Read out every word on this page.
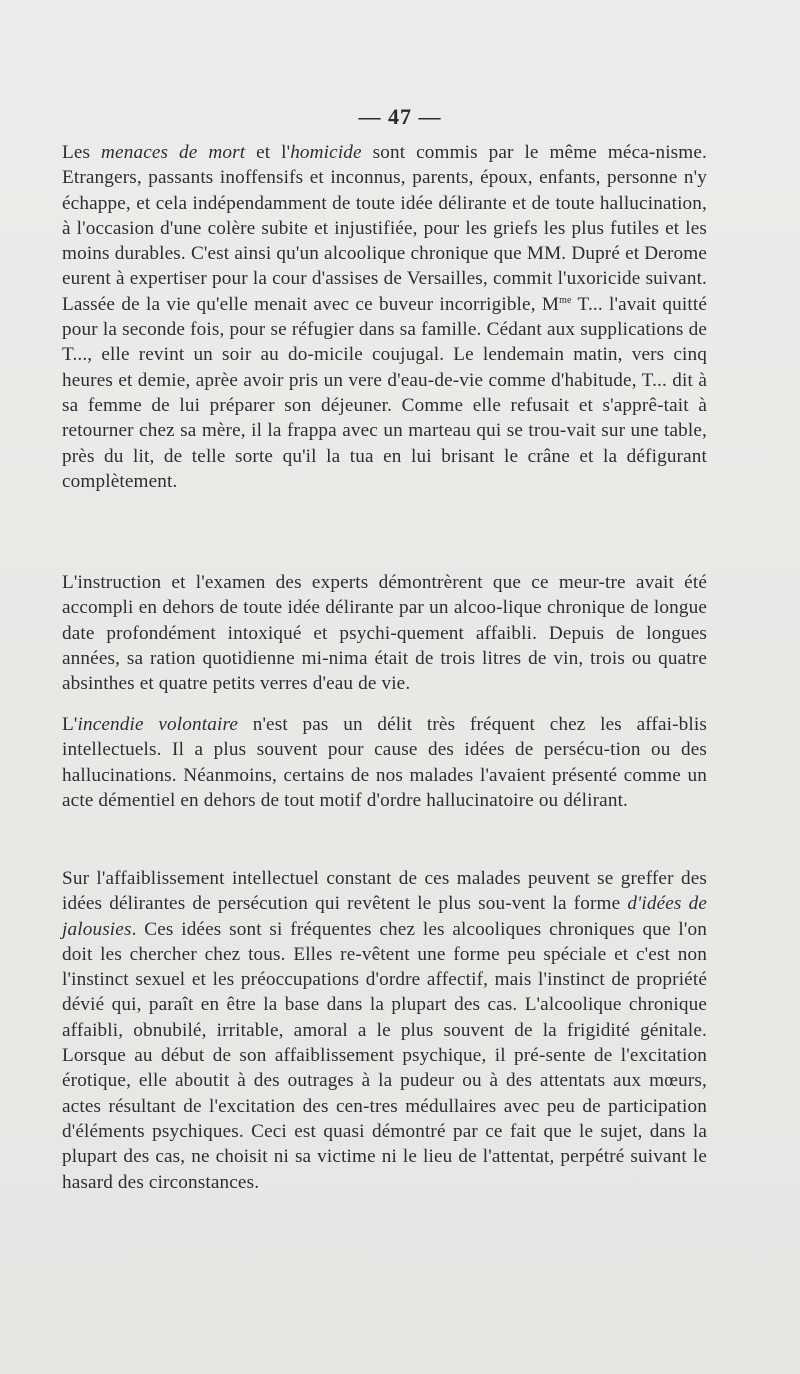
— 47 —

Les menaces de mort et l'homicide sont commis par le même méca-nisme. Etrangers, passants inoffensifs et inconnus, parents, époux, enfants, personne n'y échappe, et cela indépendamment de toute idée délirante et de toute hallucination, à l'occasion d'une colère subite et injustifiée, pour les griefs les plus futiles et les moins durables. C'est ainsi qu'un alcoolique chronique que MM. Dupré et Derome eurent à expertiser pour la cour d'assises de Versailles, commit l'uxoricide suivant. Lassée de la vie qu'elle menait avec ce buveur incorrigible, $M^{me}$ T... l'avait quitté pour la seconde fois, pour se réfugier dans sa famille. Cédant aux supplications de T..., elle revint un soir au do-micile coujugal. Le lendemain matin, vers cinq heures et demie, aprèe avoir pris un vere d'eau-de-vie comme d'habitude, T... dit à sa femme de lui préparer son déjeuner. Comme elle refusait et s'apprê-tait à retourner chez sa mère, il la frappa avec un marteau qui se trou-vait sur une table, près du lit, de telle sorte qu'il la tua en lui brisant le crâne et la défigurant complètement.

L'instruction et l'examen des experts démontrèrent que ce meur-tre avait été accompli en dehors de toute idée délirante par un alcoo-lique chronique de longue date profondément intoxiqué et psychi-quement affaibli. Depuis de longues années, sa ration quotidienne mi-nima était de trois litres de vin, trois ou quatre absinthes et quatre petits verres d'eau de vie.

L'incendie volontaire n'est pas un délit très fréquent chez les affai-blis intellectuels. Il a plus souvent pour cause des idées de persécu-tion ou des hallucinations. Néanmoins, certains de nos malades l'avaient présenté comme un acte démentiel en dehors de tout motif d'ordre hallucinatoire ou délirant.

Sur l'affaiblissement intellectuel constant de ces malades peuvent se greffer des idées délirantes de persécution qui revêtent le plus sou-vent la forme d'idées de jalousies. Ces idées sont si fréquentes chez les alcooliques chroniques que l'on doit les chercher chez tous. Elles re-vêtent une forme peu spéciale et c'est non l'instinct sexuel et les préoccupations d'ordre affectif, mais l'instinct de propriété dévié qui, paraît en être la base dans la plupart des cas. L'alcoolique chronique affaibli, obnubilé, irritable, amoral a le plus souvent de la frigidité génitale. Lorsque au début de son affaiblissement psychique, il pré-sente de l'excitation érotique, elle aboutit à des outrages à la pudeur ou à des attentats aux mœurs, actes résultant de l'excitation des cen-tres médullaires avec peu de participation d'éléments psychiques. Ceci est quasi démontré par ce fait que le sujet, dans la plupart des cas, ne choisit ni sa victime ni le lieu de l'attentat, perpétré suivant le hasard des circonstances.
